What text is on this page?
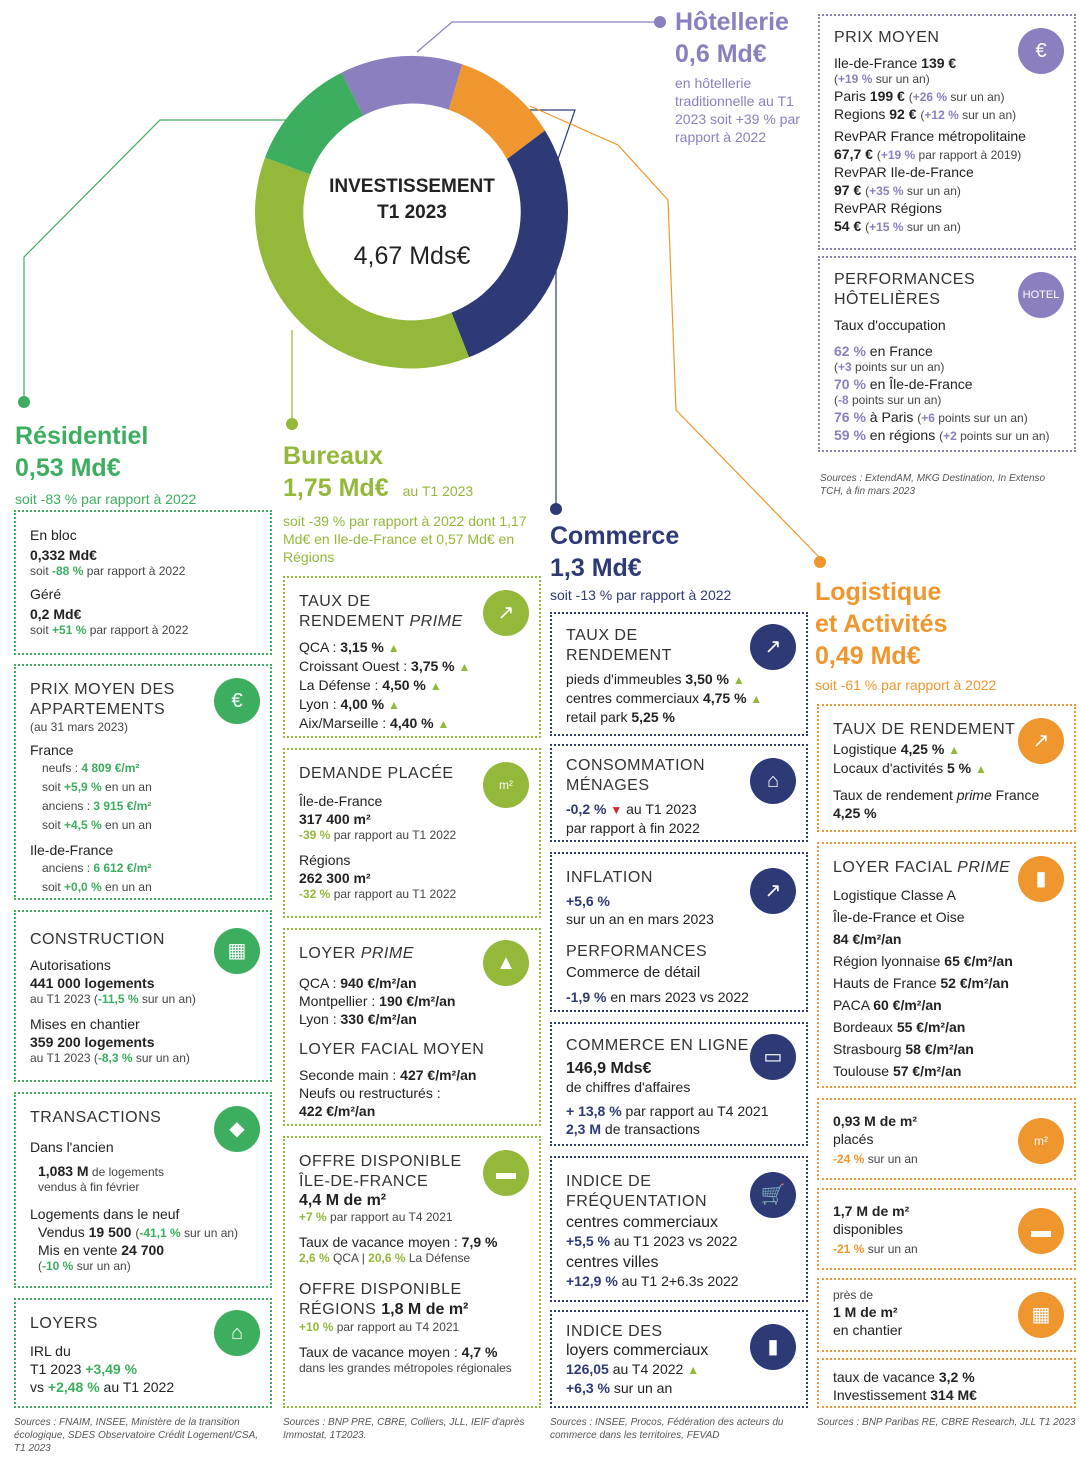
INVESTISSEMENT
T1 2023
4,67 Mds€
Hôtellerie
0,6 Md€
en hôtellerie traditionnelle au T1 2023 soit +39 % par rapport à 2022
PRIX MOYEN
Ile-de-France 139 €
(+19 % sur un an)
Paris 199 € (+26 % sur un an)
Regions 92 € (+12 % sur un an)
RevPAR France métropolitaine
67,7 € (+19 % par rapport à 2019)
RevPAR Ile-de-France
97 € (+35 % sur un an)
RevPAR Régions
54 € (+15 % sur un an)
€
PERFORMANCES HÔTELIÈRES
Taux d'occupation
62 % en France
(+3 points sur un an)
70 % en Île-de-France
(-8 points sur un an)
76 % à Paris (+6 points sur un an)
59 % en régions (+2 points sur un an)
HOTEL
Sources : ExtendAM, MKG Destination, In Extenso TCH, à fin mars 2023
Résidentiel
0,53 Md€
soit -83 % par rapport à 2022
En bloc
0,332 Md€
soit -88 % par rapport à 2022
Géré
0,2 Md€
soit +51 % par rapport à 2022
PRIX MOYEN DES APPARTEMENTS
(au 31 mars 2023)
France
neufs : 4 809 €/m²
soit +5,9 % en un an
anciens : 3 915 €/m²
soit +4,5 % en un an
Ile-de-France
anciens : 6 612 €/m²
soit +0,0 % en un an
€
CONSTRUCTION
Autorisations
441 000 logements
au T1 2023 (-11,5 % sur un an)
Mises en chantier
359 200 logements
au T1 2023 (-8,3 % sur un an)
▦
TRANSACTIONS
Dans l'ancien
1,083 M de logements
vendus à fin février
Logements dans le neuf
Vendus 19 500 (-41,1 % sur un an)
Mis en vente 24 700
(-10 % sur un an)
◆
LOYERS
IRL du
T1 2023 +3,49 %
vs +2,48 % au T1 2022
⌂
Sources : FNAIM, INSEE, Ministère de la transition écologique, SDES Observatoire Crédit Logement/CSA, T1 2023
Bureaux
1,75 Md€ au T1 2023
soit -39 % par rapport à 2022 dont 1,17 Md€ en Ile-de-France et 0,57 Md€ en Régions
TAUX DE
RENDEMENT PRIME
QCA : 3,15 % ▲
Croissant Ouest : 3,75 % ▲
La Défense : 4,50 % ▲
Lyon : 4,00 % ▲
Aix/Marseille : 4,40 % ▲
↗
DEMANDE PLACÉE
Île-de-France
317 400 m²
-39 % par rapport au T1 2022
Régions
262 300 m²
-32 % par rapport au T1 2022
m²
LOYER PRIME
QCA : 940 €/m²/an
Montpellier : 190 €/m²/an
Lyon : 330 €/m²/an
LOYER FACIAL MOYEN
Seconde main : 427 €/m²/an
Neufs ou restructurés :
422 €/m²/an
▲
OFFRE DISPONIBLE ÎLE-DE-FRANCE
4,4 M de m²
+7 % par rapport au T4 2021
Taux de vacance moyen : 7,9 %
2,6 % QCA | 20,6 % La Défense
OFFRE DISPONIBLE
RÉGIONS 1,8 M de m²
+10 % par rapport au T4 2021
Taux de vacance moyen : 4,7 %
dans les grandes métropoles régionales
▬
Sources : BNP PRE, CBRE, Colliers, JLL, IEIF d'après Immostat, 1T2023.
Commerce
1,3 Md€
soit -13 % par rapport à 2022
TAUX DE RENDEMENT
pieds d'immeubles 3,50 % ▲
centres commerciaux 4,75 % ▲
retail park 5,25 %
↗
CONSOMMATION MÉNAGES
-0,2 % ▼ au T1 2023
par rapport à fin 2022
⌂
INFLATION
+5,6 %
sur un an en mars 2023
PERFORMANCES
Commerce de détail
-1,9 % en mars 2023 vs 2022
↗
COMMERCE EN LIGNE
146,9 Mds€
de chiffres d'affaires
+ 13,8 % par rapport au T4 2021
2,3 M de transactions
▭
INDICE DE FRÉQUENTATION
centres commerciaux
+5,5 % au T1 2023 vs 2022
centres villes
+12,9 % au T1 2+6.3s 2022
🛒
INDICE DES
loyers commerciaux
126,05 au T4 2022 ▲
+6,3 % sur un an
▮
Sources : INSEE, Procos, Fédération des acteurs du commerce dans les territoires, FEVAD
Logistique
et Activités
0,49 Md€
soit -61 % par rapport à 2022
TAUX DE RENDEMENT
Logistique 4,25 % ▲
Locaux d'activités 5 % ▲
Taux de rendement prime France
4,25 %
↗
LOYER FACIAL PRIME
Logistique Classe A
Île-de-France et Oise
84 €/m²/an
Région lyonnaise 65 €/m²/an
Hauts de France 52 €/m²/an
PACA 60 €/m²/an
Bordeaux 55 €/m²/an
Strasbourg 58 €/m²/an
Toulouse 57 €/m²/an
▮
0,93 M de m²
placés
-24 % sur un an
m²
1,7 M de m²
disponibles
-21 % sur un an
▬
près de
1 M de m²
en chantier
▦
taux de vacance 3,2 %
Investissement 314 M€
Sources : BNP Paribas RE, CBRE Research, JLL T1 2023
